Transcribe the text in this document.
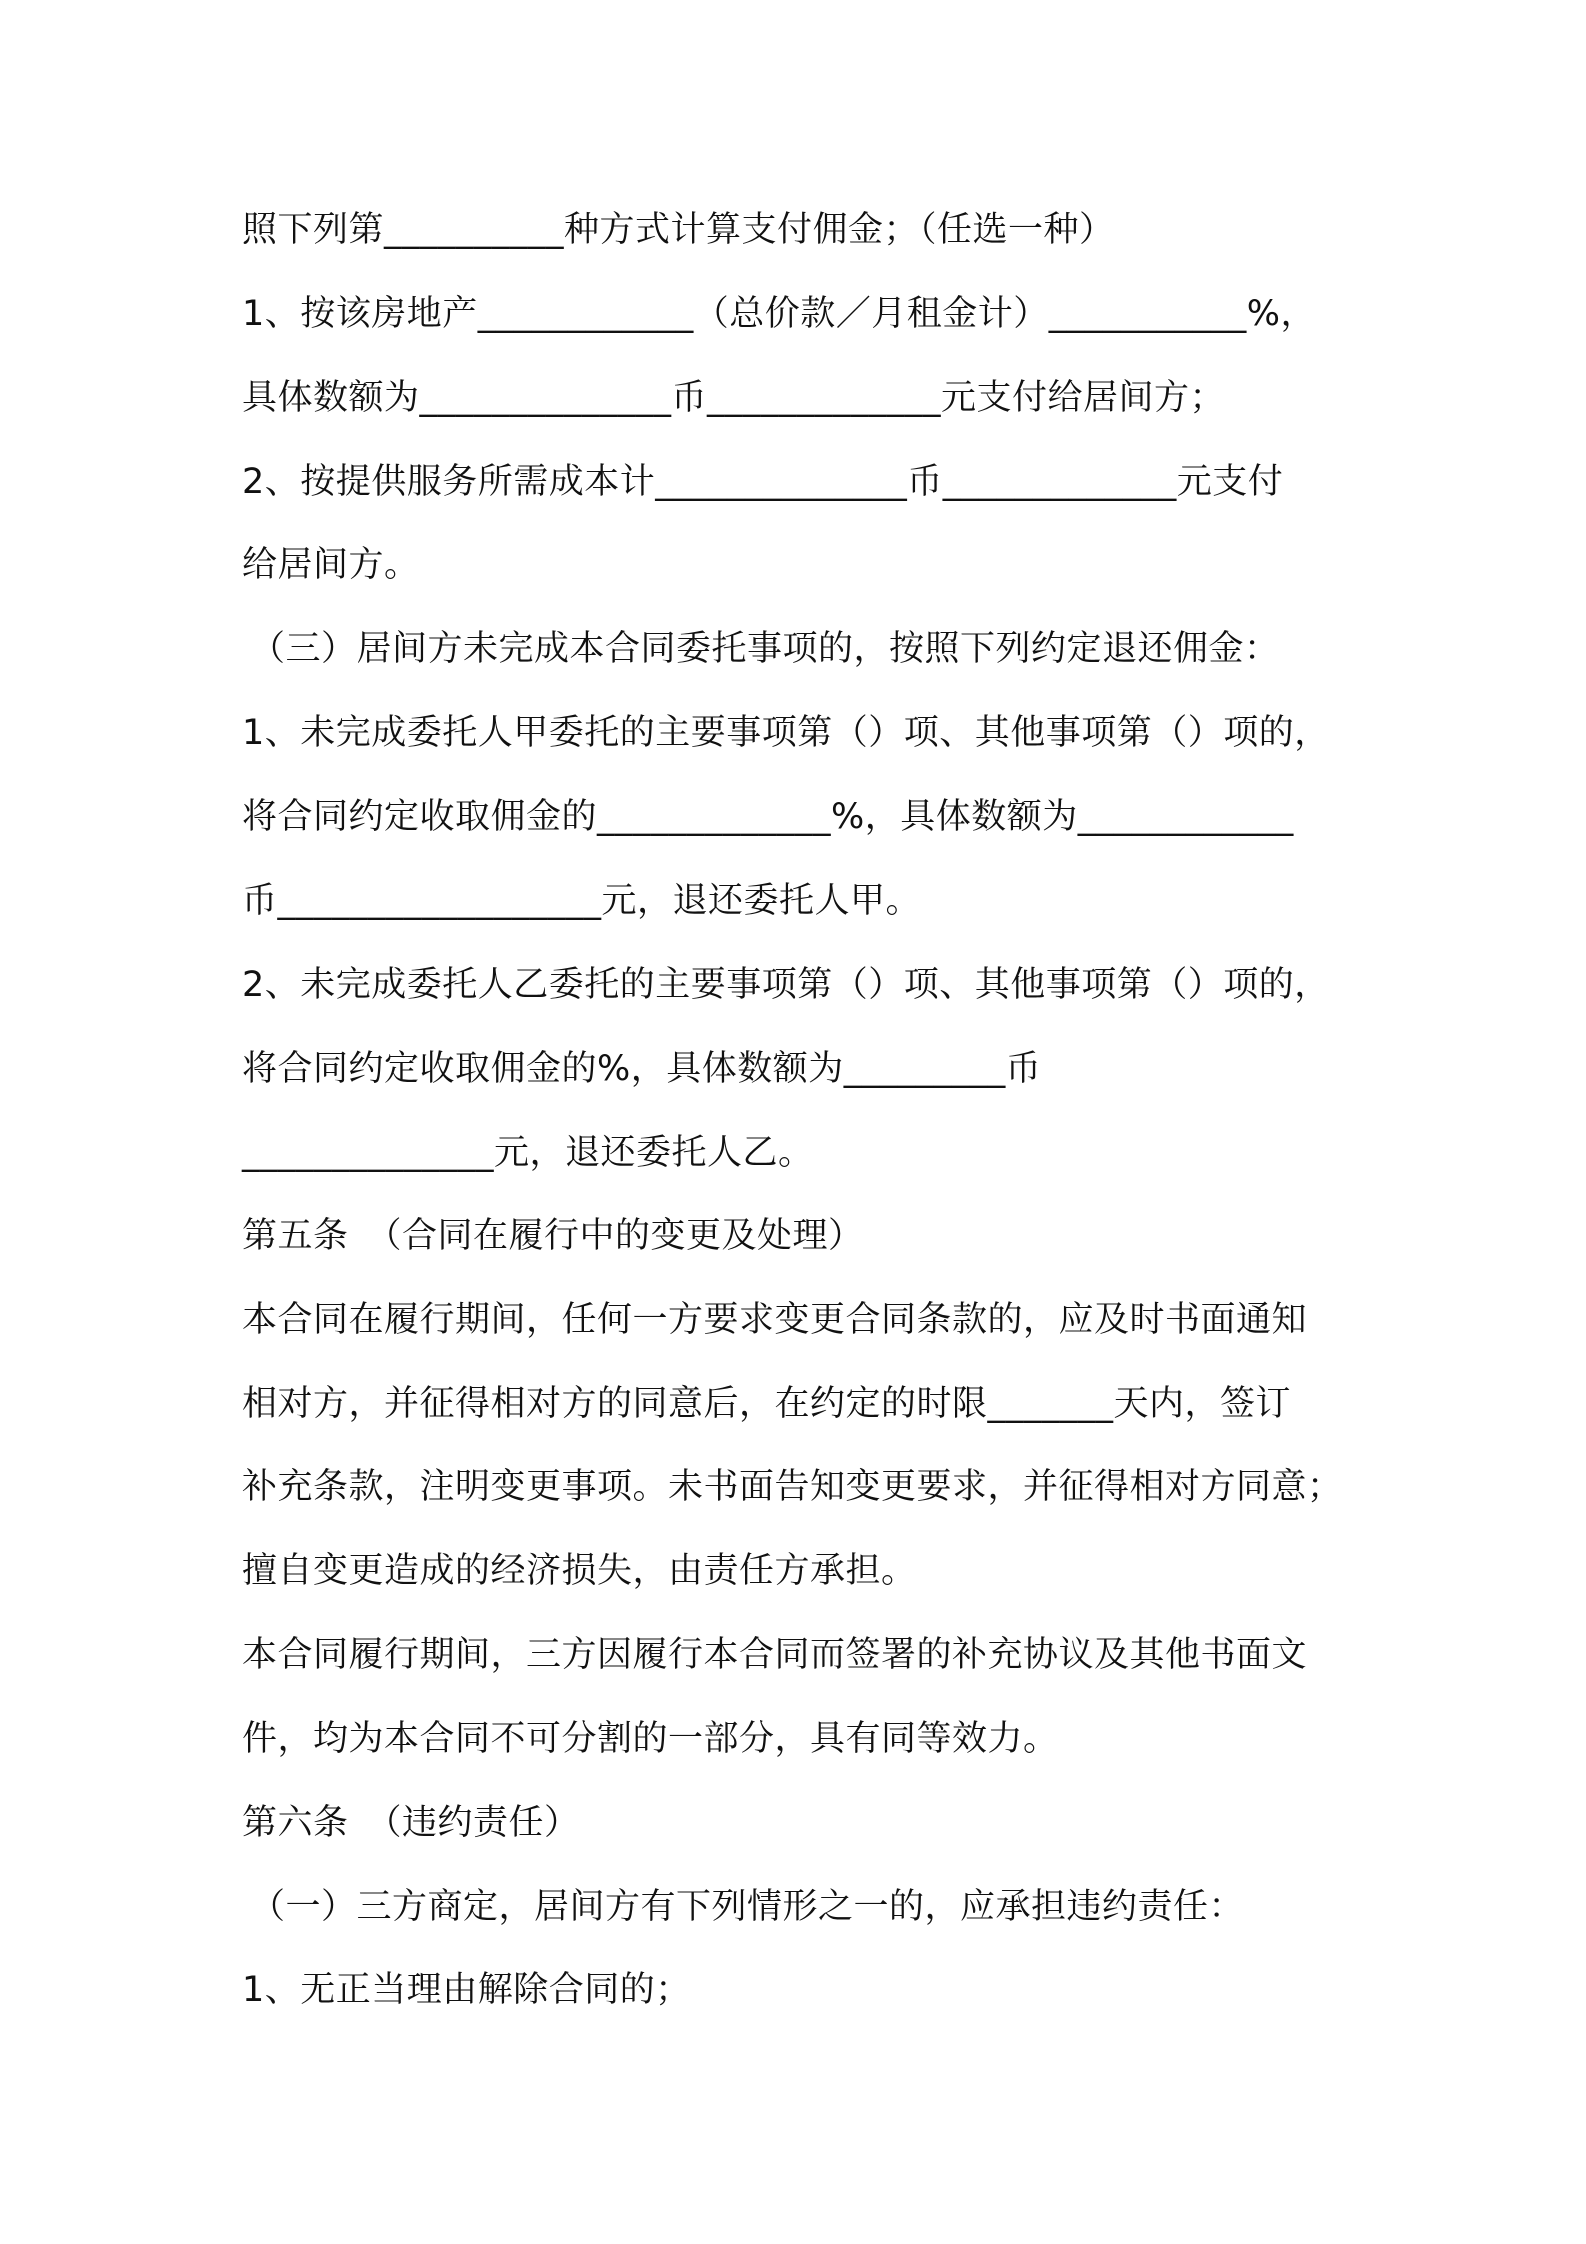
照下列第__________种方式计算支付佣金；（任选一种）

1、按该房地产____________（总价款／月租金计）___________%，

具体数额为______________币_____________元支付给居间方；

2、按提供服务所需成本计______________币_____________元支付

给居间方。

（三）居间方未完成本合同委托事项的，按照下列约定退还佣金：

1、未完成委托人甲委托的主要事项第（）项、其他事项第（）项的，

将合同约定收取佣金的_____________%，具体数额为____________

币__________________元，退还委托人甲。

2、未完成委托人乙委托的主要事项第（）项、其他事项第（）项的，

将合同约定收取佣金的%，具体数额为_________币

______________元，退还委托人乙。

第五条　（合同在履行中的变更及处理）

本合同在履行期间，任何一方要求变更合同条款的，应及时书面通知

相对方，并征得相对方的同意后，在约定的时限_______天内，签订

补充条款，注明变更事项。未书面告知变更要求，并征得相对方同意；

擅自变更造成的经济损失，由责任方承担。

本合同履行期间，三方因履行本合同而签署的补充协议及其他书面文

件，均为本合同不可分割的一部分，具有同等效力。

第六条　（违约责任）

（一）三方商定，居间方有下列情形之一的，应承担违约责任：

1、无正当理由解除合同的；
